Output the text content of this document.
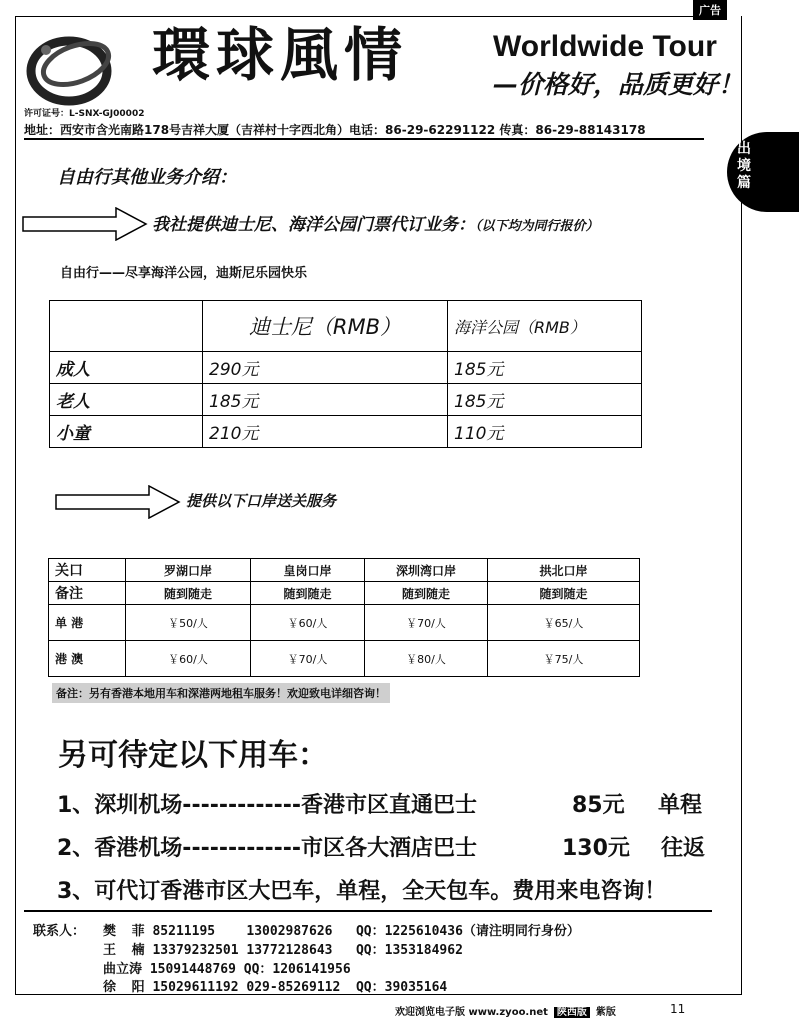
广告
環球風情	Worldwide Tour
—价格好，品质更好！
许可证号：L-SNX-GJ00002
地址：西安市含光南路178号吉祥大厦（吉祥村十字西北角）电话：86-29-62291122 传真：86-29-88143178
出境篇
自由行其他业务介绍：
我社提供迪士尼、海洋公园门票代订业务：（以下均为同行报价）
自由行——尽享海洋公园，迪斯尼乐园快乐
	迪士尼（RMB）	海洋公园（RMB）
成人	290元	185元
老人	185元	185元
小童	210元	110元
提供以下口岸送关服务
关口	罗湖口岸	皇岗口岸	深圳湾口岸	拱北口岸
备注	随到随走	随到随走	随到随走	随到随走
单 港	￥50/人	￥60/人	￥70/人	￥65/人
港 澳	￥60/人	￥70/人	￥80/人	￥75/人
备注：另有香港本地用车和深港两地租车服务！欢迎致电详细咨询！
另可待定以下用车：
1、深圳机场-------------香港市区直通巴士	85元 单程
2、香港机场-------------市区各大酒店巴士	130元 往返
3、可代订香港市区大巴车，单程，全天包车。费用来电咨询！
联系人： 樊  菲 85211195    13002987626   QQ：1225610436（请注明同行身份）
王  楠 13379232501 13772128643   QQ：1353184962
曲立涛 15091448769 QQ：1206141956
徐  阳 15029611192 029-85269112  QQ：39035164
欢迎浏览电子版 www.zyoo.net 陕西版 紫版	11
